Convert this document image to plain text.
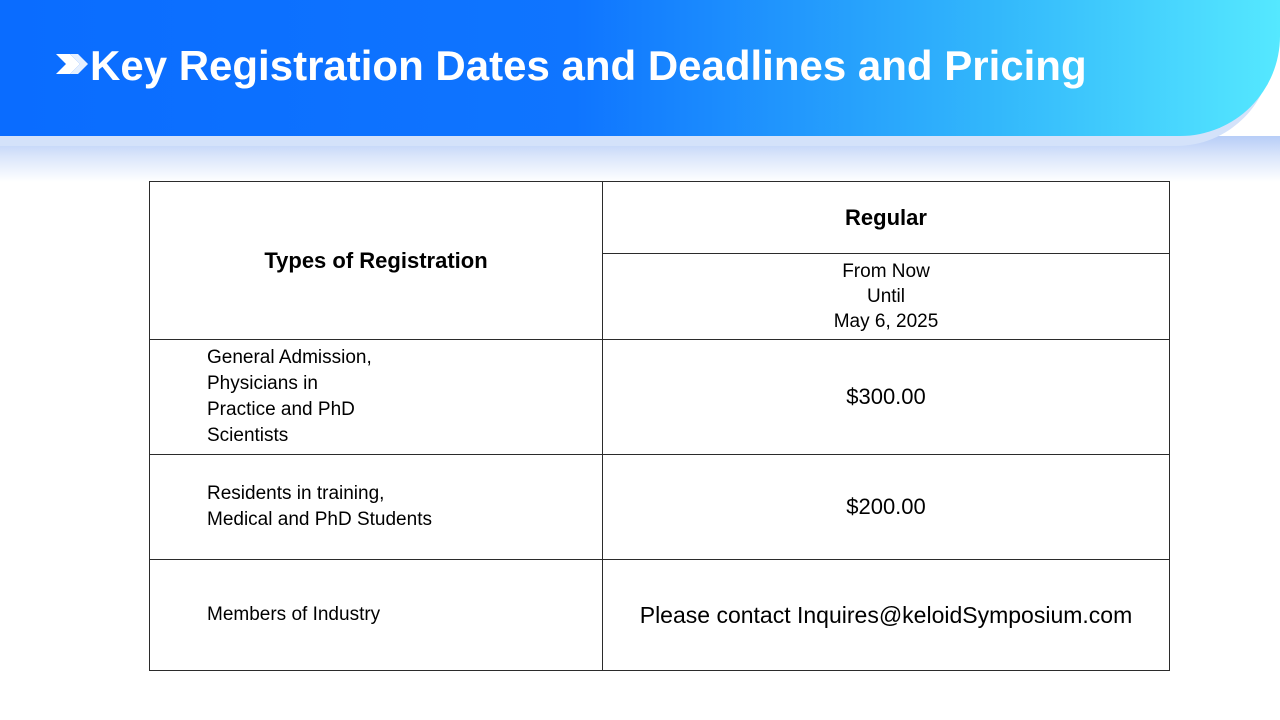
Key Registration Dates and Deadlines and Pricing
Types of Registration	Regular

	From Now
Until
May 6, 2025

General Admission,
Physicians in
Practice and PhD
Scientists	$300.00

Residents in training,
Medical and PhD Students	$200.00

Members of Industry	Please contact Inquires@keloidSymposium.com
